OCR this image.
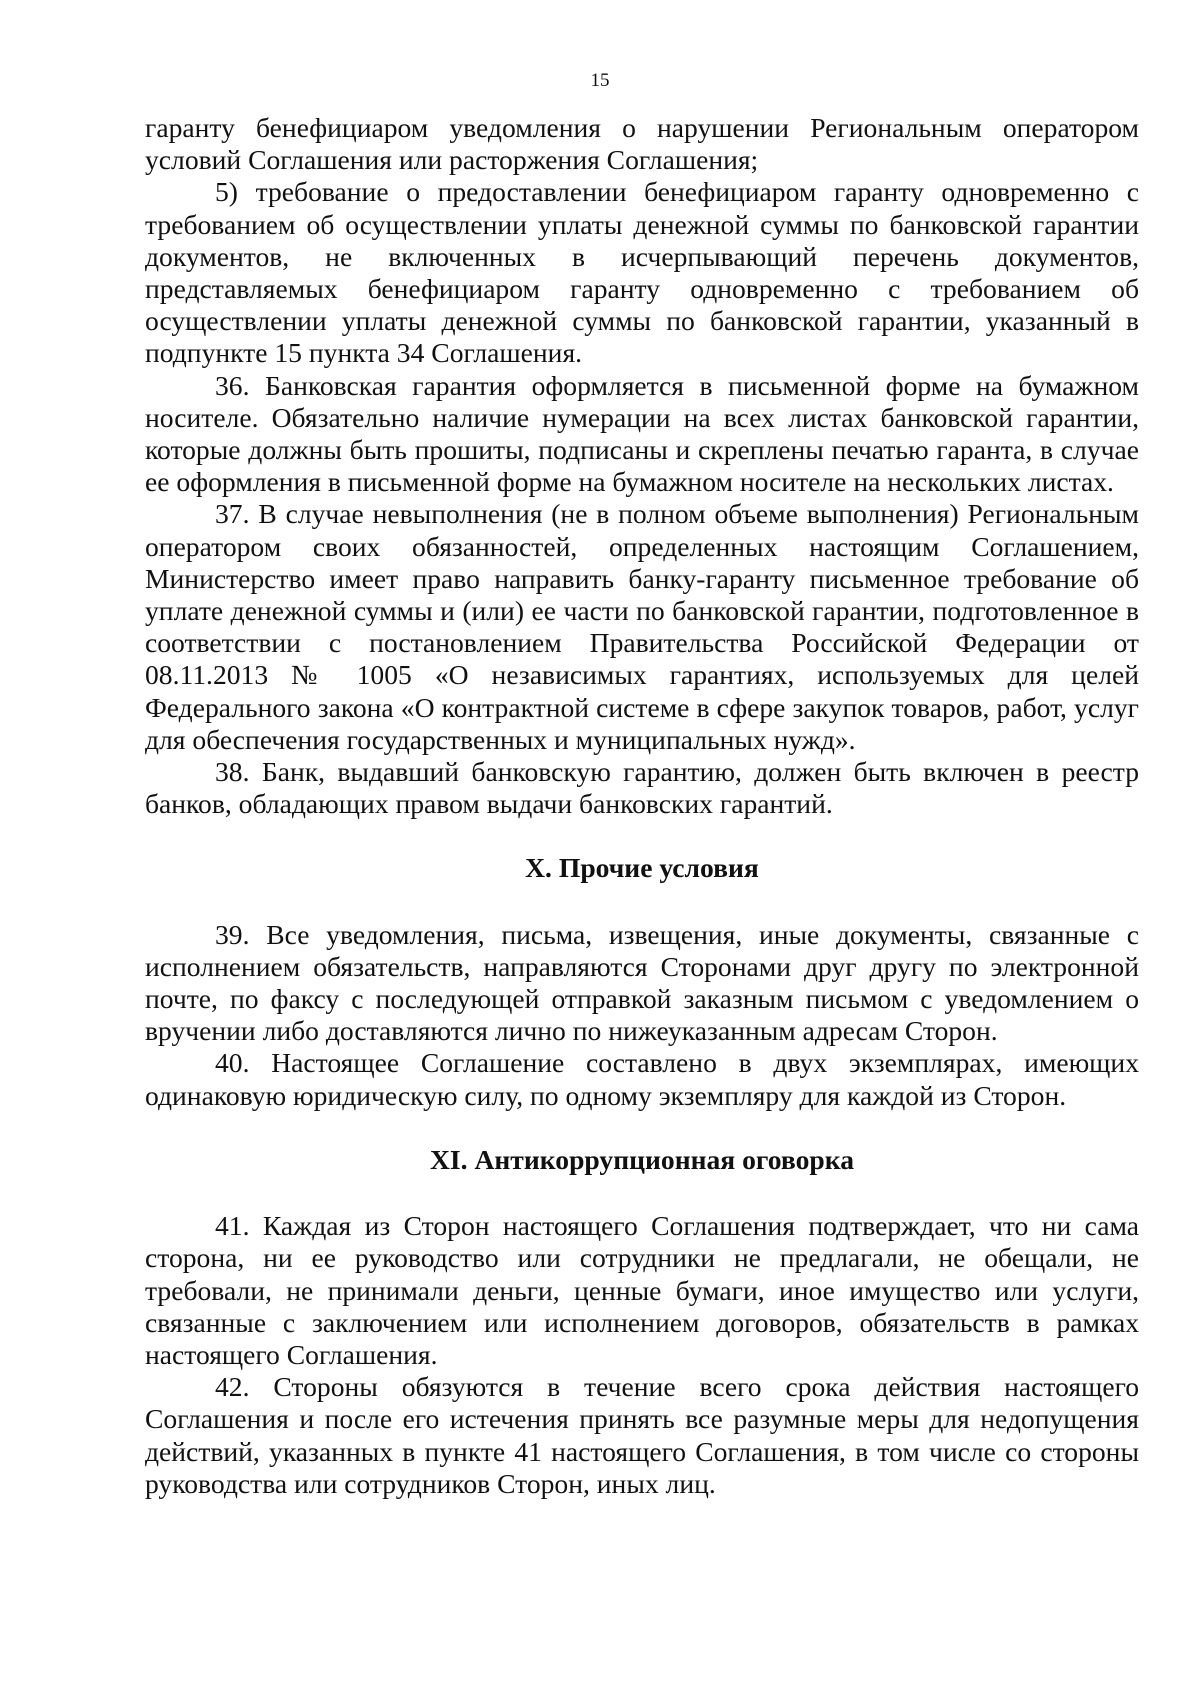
15

гаранту бенефициаром уведомления о нарушении Региональным оператором условий Соглашения или расторжения Соглашения;

5) требование о предоставлении бенефициаром гаранту одновременно с требованием об осуществлении уплаты денежной суммы по банковской гарантии документов, не включенных в исчерпывающий перечень документов, представляемых бенефициаром гаранту одновременно с требованием об осуществлении уплаты денежной суммы по банковской гарантии, указанный в подпункте 15 пункта 34 Соглашения.

36. Банковская гарантия оформляется в письменной форме на бумажном носителе. Обязательно наличие нумерации на всех листах банковской гарантии, которые должны быть прошиты, подписаны и скреплены печатью гаранта, в случае ее оформления в письменной форме на бумажном носителе на нескольких листах.

37. В случае невыполнения (не в полном объеме выполнения) Региональным оператором своих обязанностей, определенных настоящим Соглашением, Министерство имеет право направить банку-гаранту письменное требование об уплате денежной суммы и (или) ее части по банковской гарантии, подготовленное в соответствии с постановлением Правительства Российской Федерации от 08.11.2013 № 1005 «О независимых гарантиях, используемых для целей Федерального закона «О контрактной системе в сфере закупок товаров, работ, услуг для обеспечения государственных и муниципальных нужд».

38. Банк, выдавший банковскую гарантию, должен быть включен в реестр банков, обладающих правом выдачи банковских гарантий.

X. Прочие условия

39. Все уведомления, письма, извещения, иные документы, связанные с исполнением обязательств, направляются Сторонами друг другу по электронной почте, по факсу с последующей отправкой заказным письмом с уведомлением о вручении либо доставляются лично по нижеуказанным адресам Сторон.

40. Настоящее Соглашение составлено в двух экземплярах, имеющих одинаковую юридическую силу, по одному экземпляру для каждой из Сторон.

XI. Антикоррупционная оговорка

41. Каждая из Сторон настоящего Соглашения подтверждает, что ни сама сторона, ни ее руководство или сотрудники не предлагали, не обещали, не требовали, не принимали деньги, ценные бумаги, иное имущество или услуги, связанные с заключением или исполнением договоров, обязательств в рамках настоящего Соглашения.

42. Стороны обязуются в течение всего срока действия настоящего Соглашения и после его истечения принять все разумные меры для недопущения действий, указанных в пункте 41 настоящего Соглашения, в том числе со стороны руководства или сотрудников Сторон, иных лиц.
